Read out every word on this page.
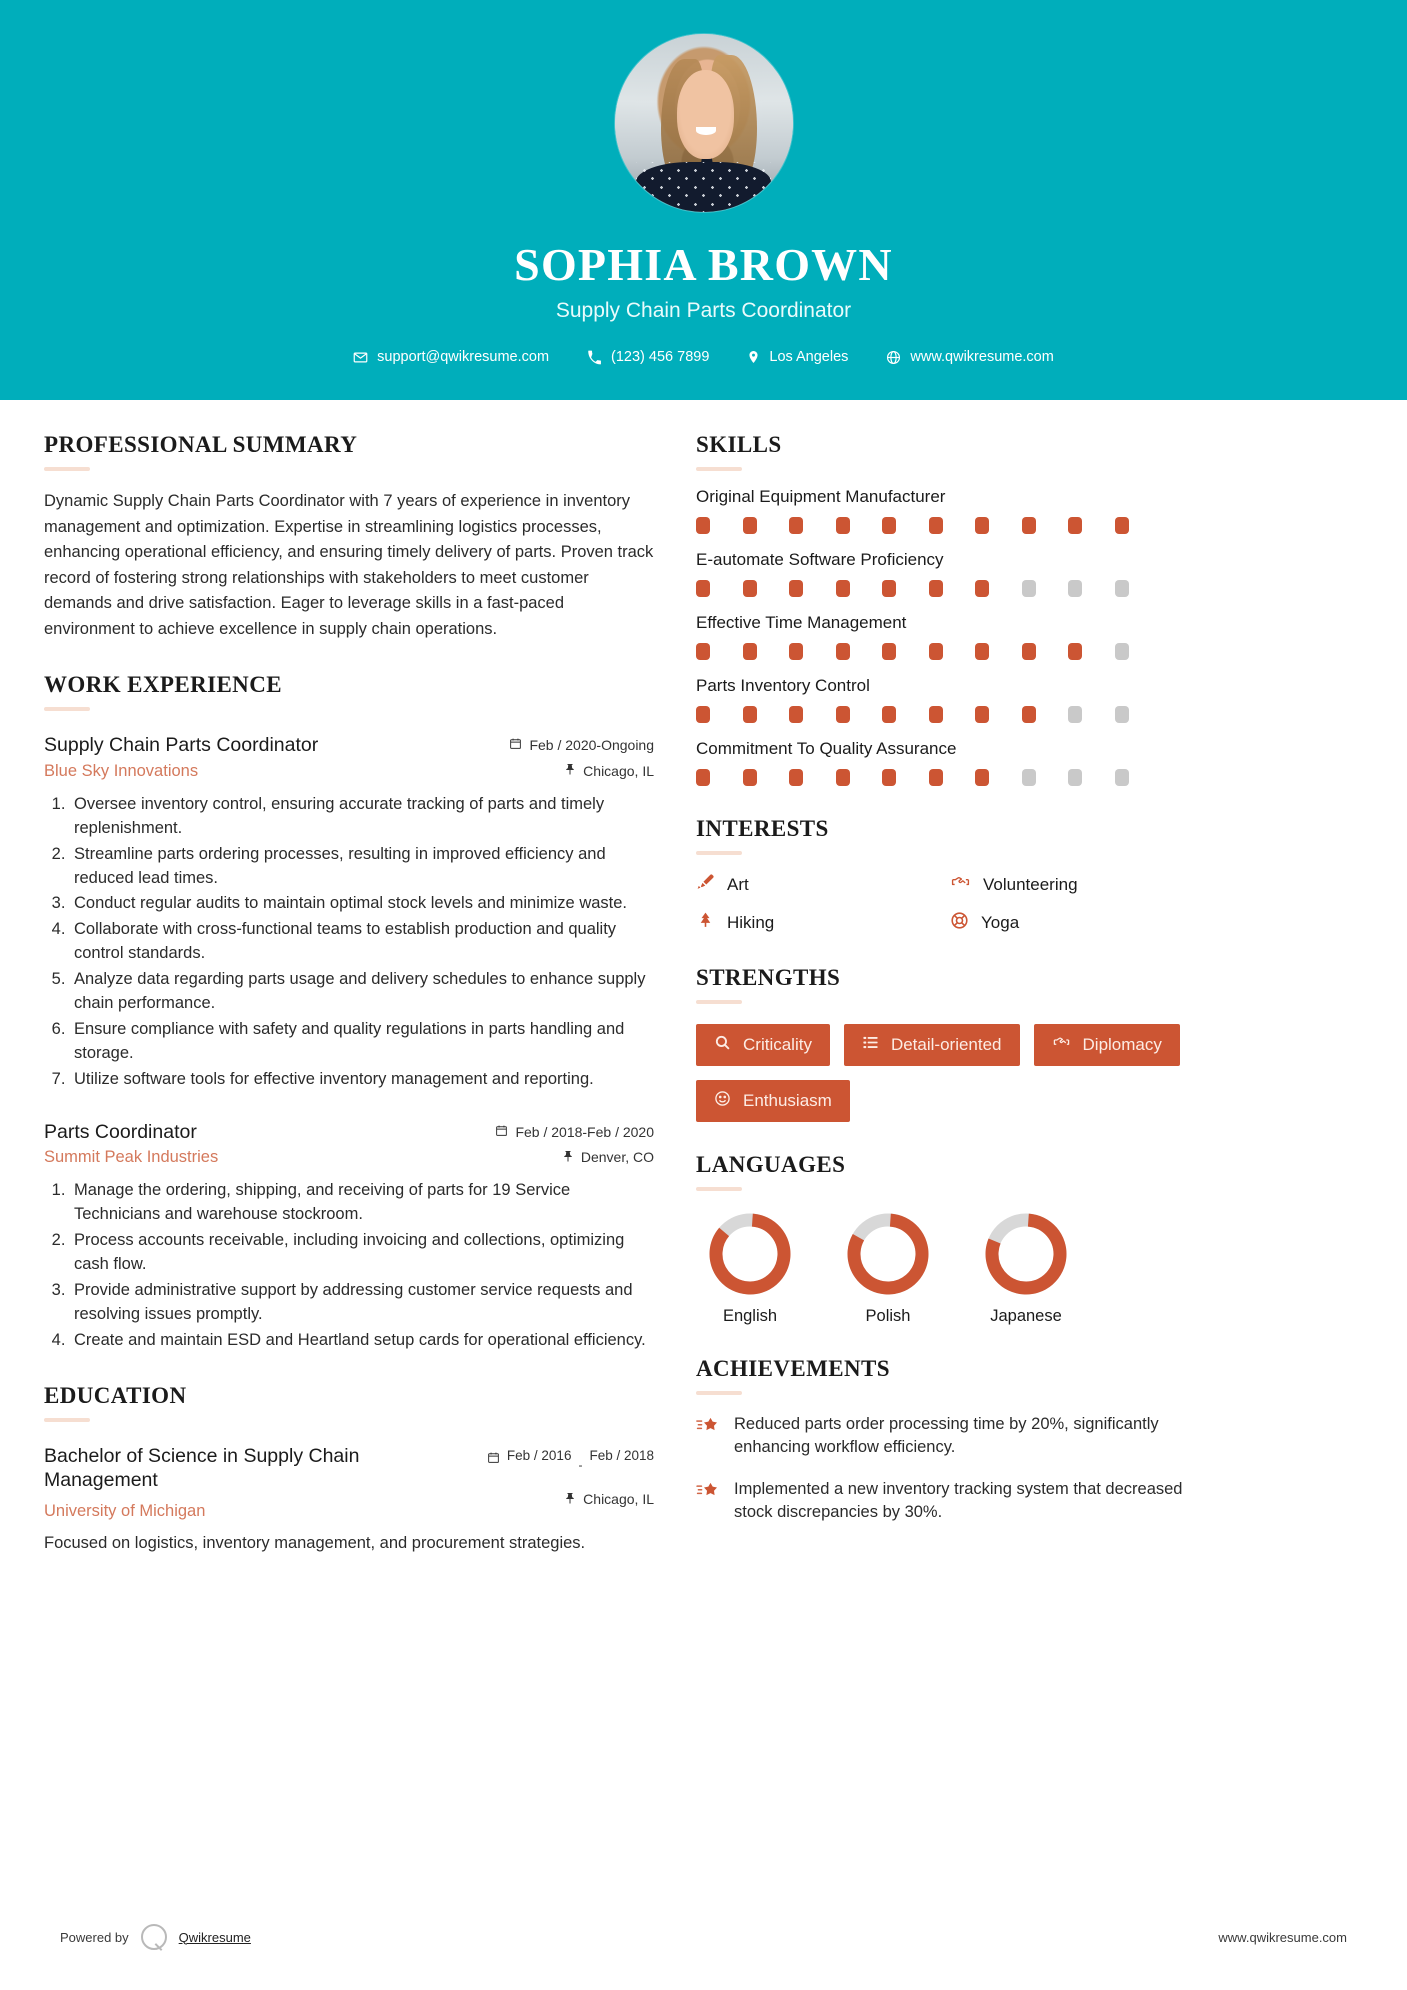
SOPHIA BROWN
Supply Chain Parts Coordinator
support@qwikresume.com	(123) 456 7899	Los Angeles	www.qwikresume.com
PROFESSIONAL SUMMARY
Dynamic Supply Chain Parts Coordinator with 7 years of experience in inventory management and optimization. Expertise in streamlining logistics processes, enhancing operational efficiency, and ensuring timely delivery of parts. Proven track record of fostering strong relationships with stakeholders to meet customer demands and drive satisfaction. Eager to leverage skills in a fast-paced environment to achieve excellence in supply chain operations.
WORK EXPERIENCE
Supply Chain Parts Coordinator
Blue Sky Innovations
Feb / 2020-Ongoing
Chicago, IL
1. Oversee inventory control, ensuring accurate tracking of parts and timely replenishment.
2. Streamline parts ordering processes, resulting in improved efficiency and reduced lead times.
3. Conduct regular audits to maintain optimal stock levels and minimize waste.
4. Collaborate with cross-functional teams to establish production and quality control standards.
5. Analyze data regarding parts usage and delivery schedules to enhance supply chain performance.
6. Ensure compliance with safety and quality regulations in parts handling and storage.
7. Utilize software tools for effective inventory management and reporting.
Parts Coordinator
Summit Peak Industries
Feb / 2018-Feb / 2020
Denver, CO
1. Manage the ordering, shipping, and receiving of parts for 19 Service Technicians and warehouse stockroom.
2. Process accounts receivable, including invoicing and collections, optimizing cash flow.
3. Provide administrative support by addressing customer service requests and resolving issues promptly.
4. Create and maintain ESD and Heartland setup cards for operational efficiency.
EDUCATION
Bachelor of Science in Supply Chain Management
University of Michigan
Feb / 2016
-
Feb / 2018
Chicago, IL
Focused on logistics, inventory management, and procurement strategies.
SKILLS
Original Equipment Manufacturer
E-automate Software Proficiency
Effective Time Management
Parts Inventory Control
Commitment To Quality Assurance
INTERESTS
Art	Volunteering
Hiking	Yoga
STRENGTHS
Criticality	Detail-oriented	Diplomacy
Enthusiasm
LANGUAGES
English	Polish	Japanese
ACHIEVEMENTS
Reduced parts order processing time by 20%, significantly enhancing workflow efficiency.
Implemented a new inventory tracking system that decreased stock discrepancies by 30%.
Powered by	Qwikresume	www.qwikresume.com
